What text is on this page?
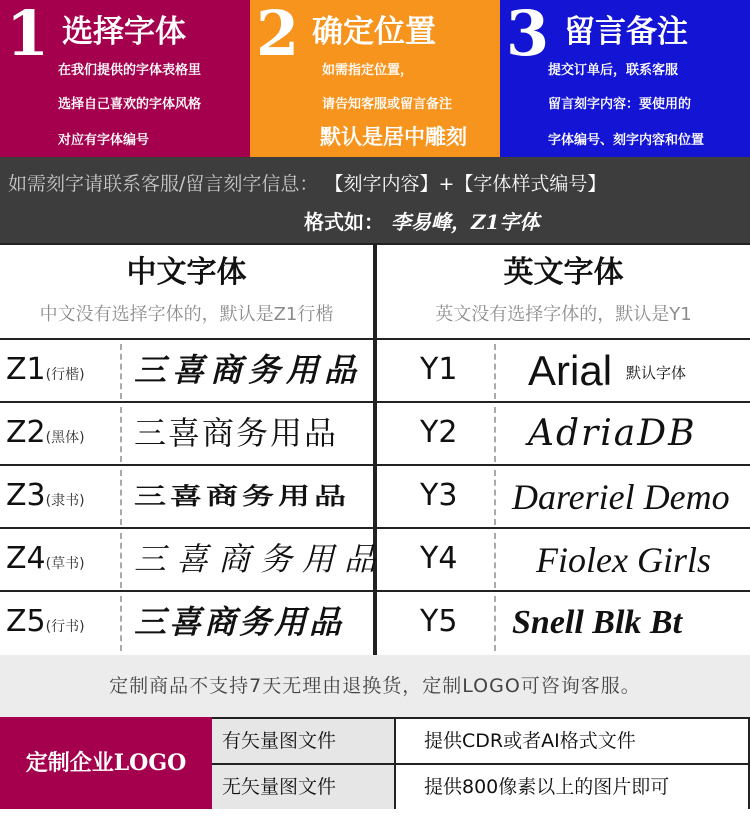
1 选择字体
在我们提供的字体表格里
选择自己喜欢的字体风格
对应有字体编号
2 确定位置
如需指定位置，
请告知客服或留言备注
默认是居中雕刻
3 留言备注
提交订单后，联系客服
留言刻字内容：要使用的
字体编号、刻字内容和位置
如需刻字请联系客服/留言刻字信息： 【刻字内容】+【字体样式编号】
格式如： 李易峰，Z1字体
中文字体
中文没有选择字体的，默认是Z1行楷
英文字体
英文没有选择字体的，默认是Y1
Z1(行楷) 三喜商务用品 Y1 Arial 默认字体
Z2(黑体) 三喜商务用品	Y2 AdriaDB
Z3(隶书) 三喜商务用品 Y3 Dareriel Demo
Z4(草书) 三喜商务用品 Y4 Fiolex Girls
Z5(行书) 三喜商务用品	Y5 Snell Blk Bt
定制商品不支持7天无理由退换货，定制LOGO可咨询客服。
定制企业LOGO
有矢量图文件	提供CDR或者AI格式文件
无矢量图文件	提供800像素以上的图片即可
